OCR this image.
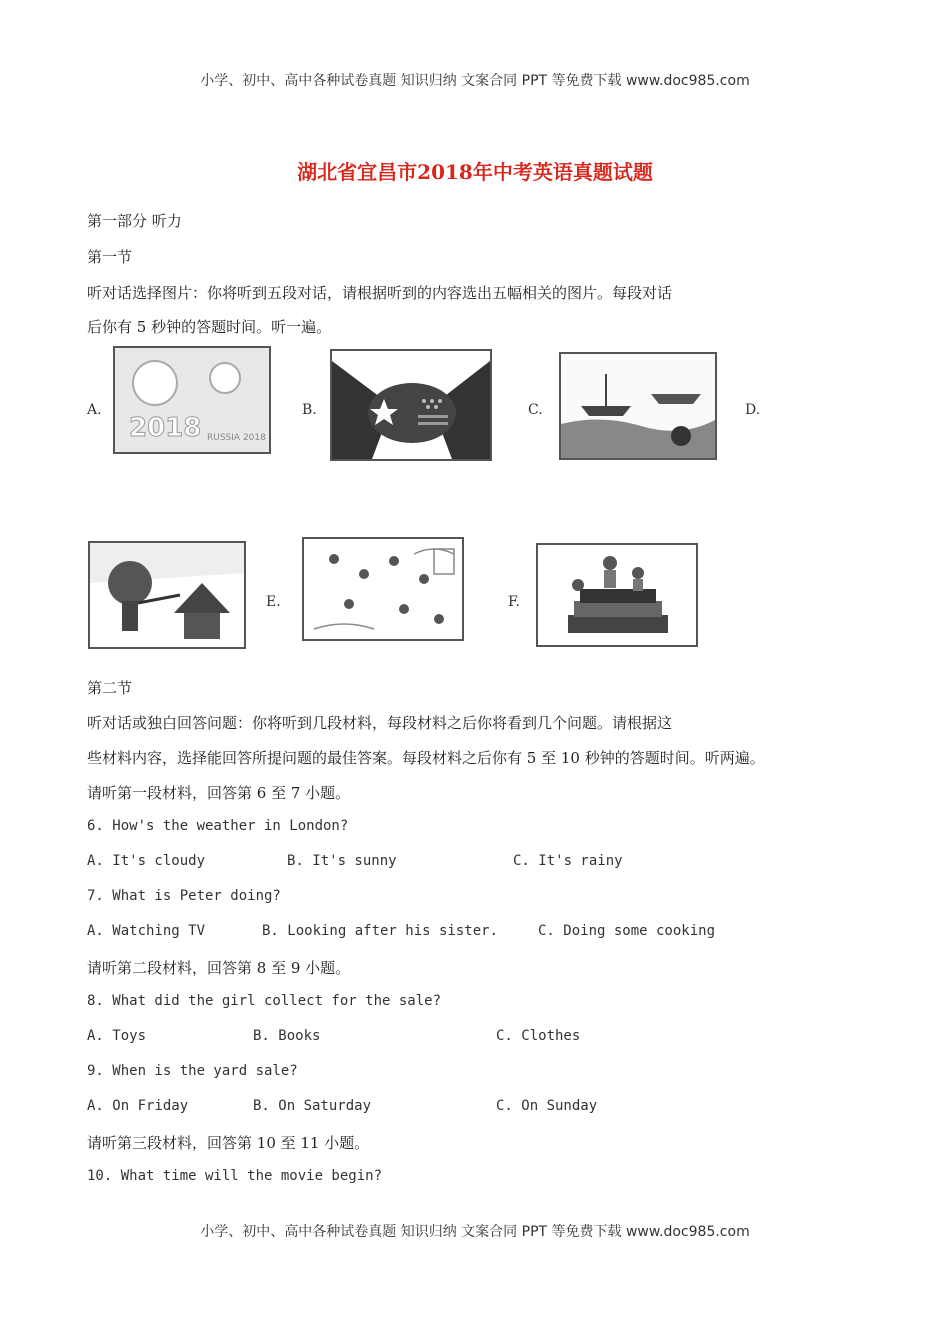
小学、初中、高中各种试卷真题 知识归纳 文案合同 PPT 等免费下载 www.doc985.com
湖北省宜昌市2018年中考英语真题试题
第一部分 听力
第一节
听对话选择图片：你将听到五段对话，请根据听到的内容选出五幅相关的图片。每段对话
后你有 5 秒钟的答题时间。听一遍。
A.
2018 RUSSIA 2018
B.	C.	D.
E.	F.
第二节
听对话或独白回答问题：你将听到几段材料，每段材料之后你将看到几个问题。请根据这
些材料内容，选择能回答所提问题的最佳答案。每段材料之后你有 5 至 10 秒钟的答题时间。听两遍。
请听第一段材料，回答第 6 至 7 小题。
6. How's the weather in London?
A. It's cloudy	B. It's sunny	C. It's rainy
7. What is Peter doing?
A. Watching TV	B. Looking after his sister.	C. Doing some cooking
请听第二段材料，回答第 8 至 9 小题。
8. What did the girl collect for the sale?
A. Toys	B. Books	C. Clothes
9. When is the yard sale?
A. On Friday	B. On Saturday	C. On Sunday
请听第三段材料，回答第 10 至 11 小题。
10. What time will the movie begin?
小学、初中、高中各种试卷真题 知识归纳 文案合同 PPT 等免费下载 www.doc985.com
